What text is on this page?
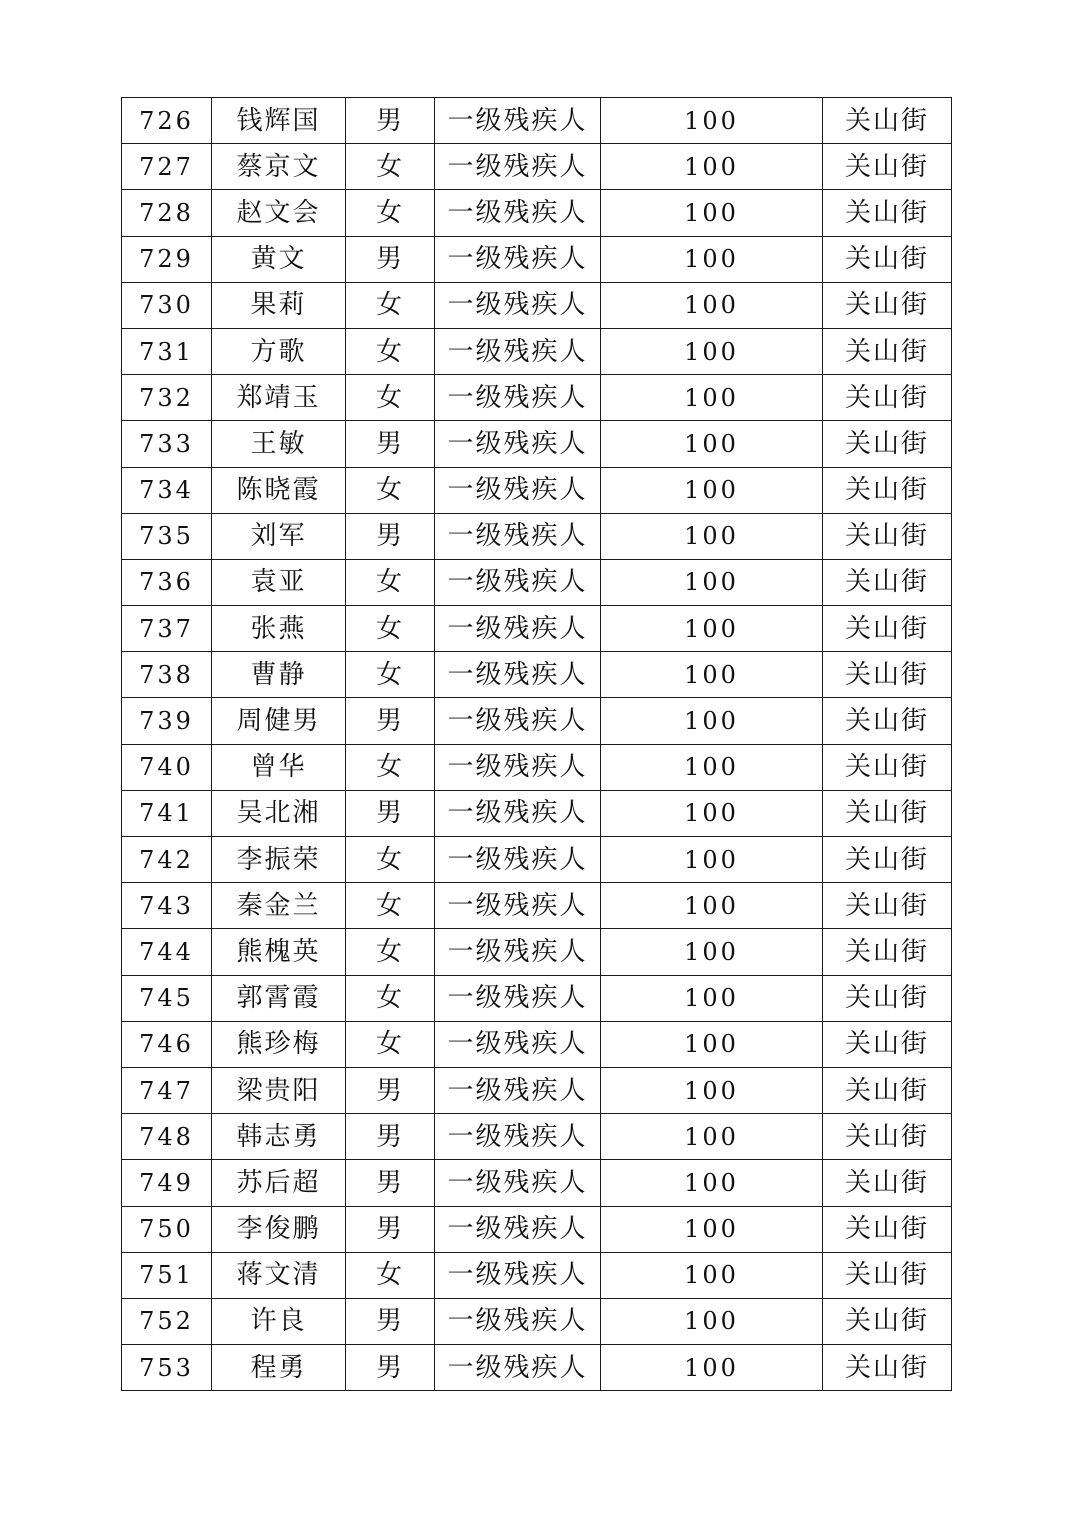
726	钱辉国	男	一级残疾人	100	关山街
727	蔡京文	女	一级残疾人	100	关山街
728	赵文会	女	一级残疾人	100	关山街
729	黄文	男	一级残疾人	100	关山街
730	果莉	女	一级残疾人	100	关山街
731	方歌	女	一级残疾人	100	关山街
732	郑靖玉	女	一级残疾人	100	关山街
733	王敏	男	一级残疾人	100	关山街
734	陈晓霞	女	一级残疾人	100	关山街
735	刘军	男	一级残疾人	100	关山街
736	袁亚	女	一级残疾人	100	关山街
737	张燕	女	一级残疾人	100	关山街
738	曹静	女	一级残疾人	100	关山街
739	周健男	男	一级残疾人	100	关山街
740	曾华	女	一级残疾人	100	关山街
741	吴北湘	男	一级残疾人	100	关山街
742	李振荣	女	一级残疾人	100	关山街
743	秦金兰	女	一级残疾人	100	关山街
744	熊槐英	女	一级残疾人	100	关山街
745	郭霄霞	女	一级残疾人	100	关山街
746	熊珍梅	女	一级残疾人	100	关山街
747	梁贵阳	男	一级残疾人	100	关山街
748	韩志勇	男	一级残疾人	100	关山街
749	苏后超	男	一级残疾人	100	关山街
750	李俊鹏	男	一级残疾人	100	关山街
751	蒋文清	女	一级残疾人	100	关山街
752	许良	男	一级残疾人	100	关山街
753	程勇	男	一级残疾人	100	关山街
